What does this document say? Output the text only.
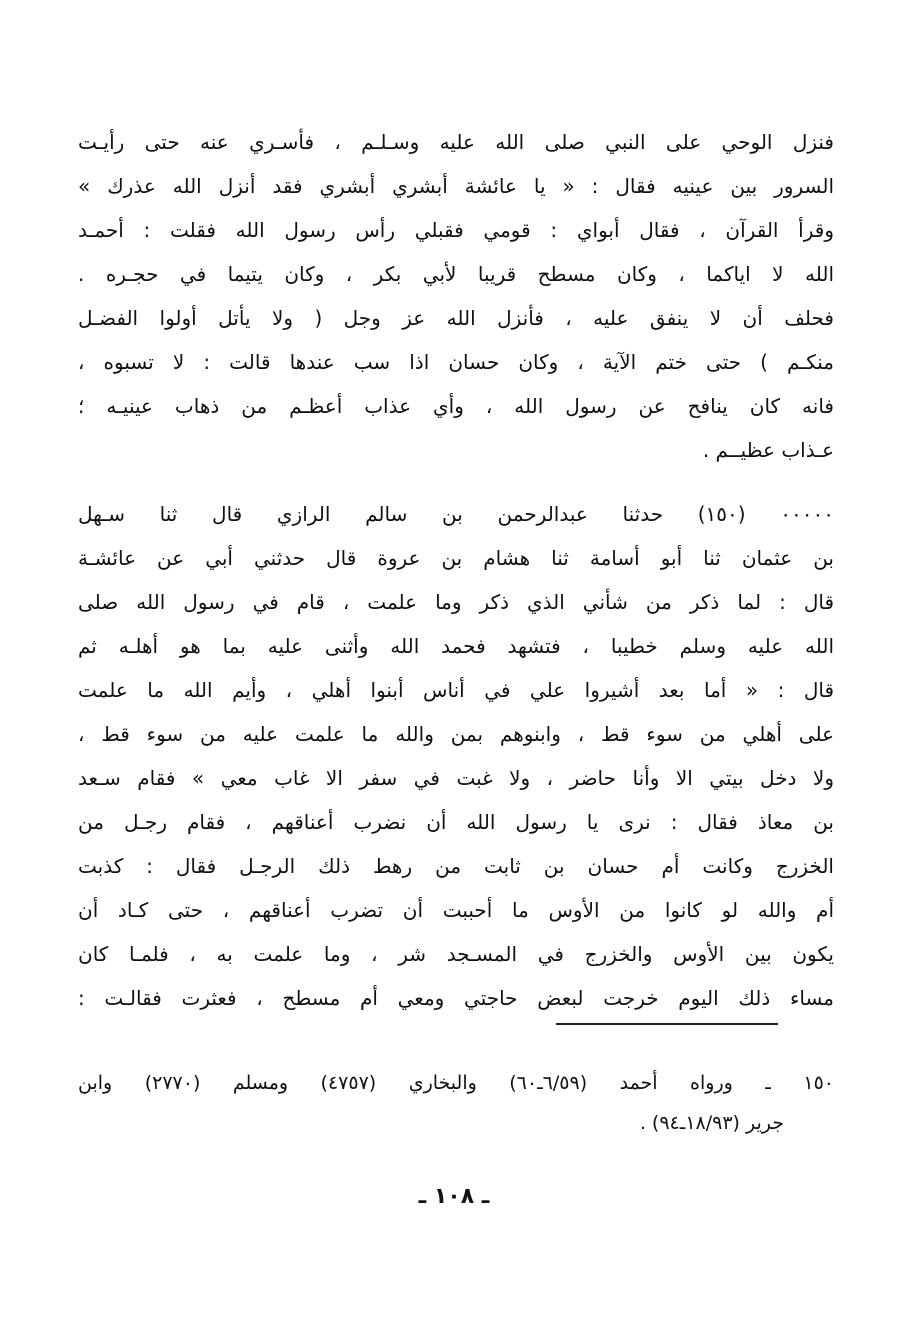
فنزل الوحي على النبي صلى الله عليه وسـلـم ، فأسـري عنه حتى رأيـت
السرور بين عينيه فقال : « يا عائشة أبشري أبشري فقد أنزل الله عذرك »
وقرأ القرآن ، فقال أبواي : قومي فقبلي رأس رسول الله فقلت : أحمـد
الله لا اياكما ، وكان مسطح قريبا لأبي بكر ، وكان يتيما في حجـره .
فحلف أن لا ينفق عليه ، فأنزل الله عز وجل ( ولا يأتل أولوا الفضـل
منكـم ) حتى ختم الآية ، وكان حسان اذا سب عندها قالت : لا تسبوه ،
فانه كان ينافح عن رسول الله ، وأي عذاب أعظـم من ذهاب عينيـه ؛
عـذاب عظيــم .
٠٠٠٠٠ (١٥٠) حدثنا عبدالرحمن بن سالم الرازي قال ثنا سـهل
بن عثمان ثنا أبو أسامة ثنا هشام بن عروة قال حدثني أبي عن عائشـة
قال : لما ذكر من شأني الذي ذكر وما علمت ، قام في رسول الله صلى
الله عليه وسلم خطيبا ، فتشهد فحمد الله وأثنى عليه بما هو أهلـه ثم
قال : « أما بعد أشيروا علي في أناس أبنوا أهلي ، وأيم الله ما علمت
على أهلي من سوء قط ، وابنوهم بمن والله ما علمت عليه من سوء قط ،
ولا دخل بيتي الا وأنا حاضر ، ولا غبت في سفر الا غاب معي » فقام سـعد
بن معاذ فقال : نرى يا رسول الله أن نضرب أعناقهم ، فقام رجـل من
الخزرج وكانت أم حسان بن ثابت من رهط ذلك الرجـل فقال : كذبت
أم والله لو كانوا من الأوس ما أحببت أن تضرب أعناقهم ، حتى كـاد أن
يكون بين الأوس والخزرج في المسـجد شر ، وما علمت به ، فلمـا كان
مساء ذلك اليوم خرجت لبعض حاجتي ومعي أم مسطح ، فعثرت فقالـت :
١٥٠ ـ ورواه أحمد (٦/٥٩ـ٦٠) والبخاري (٤٧٥٧) ومسلم (٢٧٧٠) وابن
جرير (١٨/٩٣ـ٩٤) .
ـ ١٠٨ ـ
